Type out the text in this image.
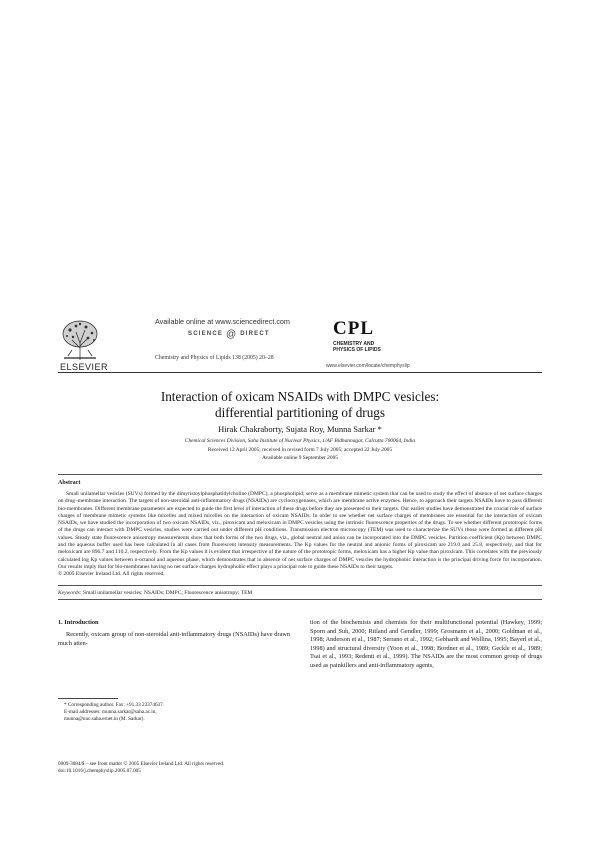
ELSEVIER
Available online at www.sciencedirect.com
SCIENCE @ DIRECT
Chemistry and Physics of Lipids 138 (2005) 20–28
CPL
CHEMISTRY AND
PHYSICS OF LIPIDS
www.elsevier.com/locate/chemphyslip
Interaction of oxicam NSAIDs with DMPC vesicles:
differential partitioning of drugs
Hirak Chakraborty, Sujata Roy, Munna Sarkar *
Chemical Sciences Division, Saha Institute of Nuclear Physics, 1/AF Bidhannagar, Calcutta 700064, India
Received 12 April 2005; received in revised form 7 July 2005; accepted 22 July 2005
Available online 9 September 2005
Abstract

Small unilamellar vesicles (SUVs) formed by the dimyristoylphosphatidylcholine (DMPC), a phospholipid; serve as a membrane mimetic system that can be used to study the effect of absence of net surface charges on drug–membrane interaction. The targets of non-steroidal anti-inflammatory drugs (NSAIDs) are cyclooxygenases, which are membrane active enzymes. Hence, to approach their targets NSAIDs have to pass different bio-membranes. Different membrane parameters are expected to guide the first level of interaction of these drugs before they are presented to their targets. Our earlier studies have demonstrated the crucial role of surface charges of membrane mimetic systems like micelles and mixed micelles on the interaction of oxicam NSAIDs. In order to see whether net surface charges of membranes are essential for the interaction of oxicam NSAIDs, we have studied the incorporation of two oxicam NSAIDs, viz., piroxicam and meloxicam in DMPC vesicles using the intrinsic fluorescence properties of the drugs. To see whether different prototropic forms of the drugs can interact with DMPC vesicles, studies were carried out under different pH conditions. Transmission electron microscopy (TEM) was used to characterize the SUVs those were formed at different pH values. Steady state fluorescence anisotropy measurements show that both forms of the two drugs, viz., global neutral and anion can be incorporated into the DMPC vesicles. Partition coefficient (Kp) between DMPC and the aqueous buffer used has been calculated in all cases from fluorescent intensity measurements. The Kp values for the neutral and anionic forms of piroxicam are 219.0 and 25.8, respectively, and that for meloxicam are 896.7 and 110.2, respectively. From the Kp values it is evident that irrespective of the nature of the prototropic forms, meloxicam has a higher Kp value than piroxicam. This correlates with the previously calculated log Kp values between n-octanol and aqueous phase, which demonstrates that in absence of net surface charges of DMPC vesicles the hydrophobic interaction is the principal driving force for incorporation. Our results imply that for bio-membranes having no net surface charges hydrophobic effect plays a principal role to guide these NSAIDs to their targets.

© 2005 Elsevier Ireland Ltd. All rights reserved.
Keywords: Small unilamellar vesicles; NSAIDs; DMPC; Fluorescence anisotropy; TEM
1. Introduction

Recently, oxicam group of non-steroidal anti-inflammatory drugs (NSAIDs) have drawn much atten-

tion of the biochemists and chemists for their multifunctional potential (Hawkey, 1999; Sporn and Suh, 2000; Ritland and Gendler, 1999; Grosmann et al., 2000; Goldman et al., 1998; Anderson et al., 1987; Serrano et al., 1992; Gebhardt and Wollina, 1995; Bayerl et al., 1998) and structural diversity (Yoon et al., 1998; Bordner et al., 1989; Geckle et al., 1989; Tsai et al., 1993; Redenti et al., 1999). The NSAIDs are the most common group of drugs used as painkillers and anti-inflammatory agents,

* Corresponding author. Fax: +91 33 23374637.
E-mail addresses: munna.sarkar@saha.ac.in,
munna@nuc.saha.ernet.in (M. Sarkar).
0009-3084/$ – see front matter © 2005 Elsevier Ireland Ltd. All rights reserved.
doi:10.1016/j.chemphyslip.2005.07.005
